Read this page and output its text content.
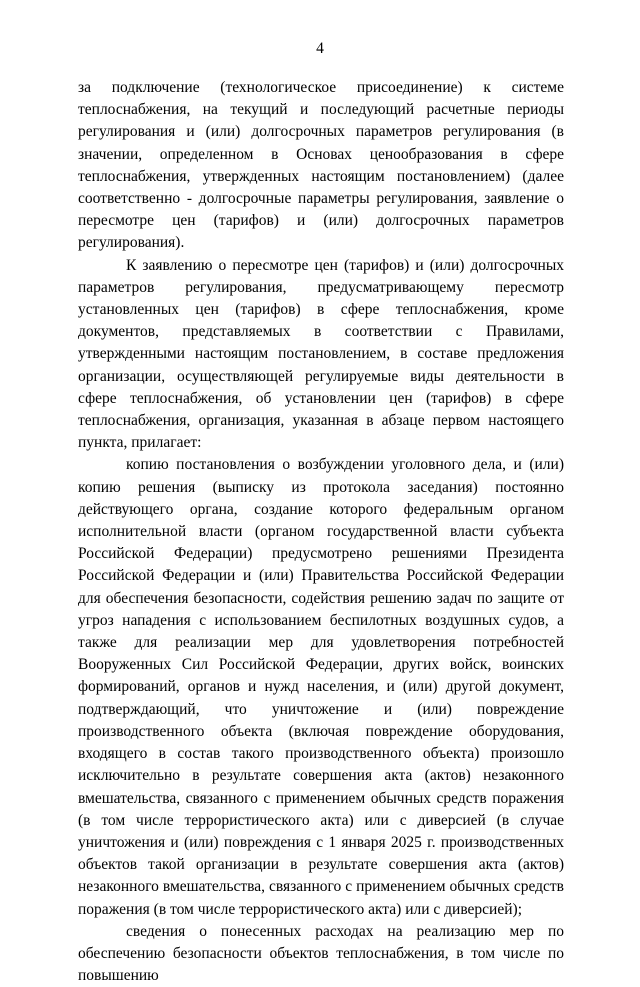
4

за подключение (технологическое присоединение) к системе теплоснабжения, на текущий и последующий расчетные периоды регулирования и (или) долгосрочных параметров регулирования (в значении, определенном в Основах ценообразования в сфере теплоснабжения, утвержденных настоящим постановлением) (далее соответственно - долгосрочные параметры регулирования, заявление о пересмотре цен (тарифов) и (или) долгосрочных параметров регулирования).

К заявлению о пересмотре цен (тарифов) и (или) долгосрочных параметров регулирования, предусматривающему пересмотр установленных цен (тарифов) в сфере теплоснабжения, кроме документов, представляемых в соответствии с Правилами, утвержденными настоящим постановлением, в составе предложения организации, осуществляющей регулируемые виды деятельности в сфере теплоснабжения, об установлении цен (тарифов) в сфере теплоснабжения, организация, указанная в абзаце первом настоящего пункта, прилагает:

копию постановления о возбуждении уголовного дела, и (или) копию решения (выписку из протокола заседания) постоянно действующего органа, создание которого федеральным органом исполнительной власти (органом государственной власти субъекта Российской Федерации) предусмотрено решениями Президента Российской Федерации и (или) Правительства Российской Федерации для обеспечения безопасности, содействия решению задач по защите от угроз нападения с использованием беспилотных воздушных судов, а также для реализации мер для удовлетворения потребностей Вооруженных Сил Российской Федерации, других войск, воинских формирований, органов и нужд населения, и (или) другой документ, подтверждающий, что уничтожение и (или) повреждение производственного объекта (включая повреждение оборудования, входящего в состав такого производственного объекта) произошло исключительно в результате совершения акта (актов) незаконного вмешательства, связанного с применением обычных средств поражения (в том числе террористического акта) или с диверсией (в случае уничтожения и (или) повреждения с 1 января 2025 г. производственных объектов такой организации в результате совершения акта (актов) незаконного вмешательства, связанного с применением обычных средств поражения (в том числе террористического акта) или с диверсией);

сведения о понесенных расходах на реализацию мер по обеспечению безопасности объектов теплоснабжения, в том числе по повышению
